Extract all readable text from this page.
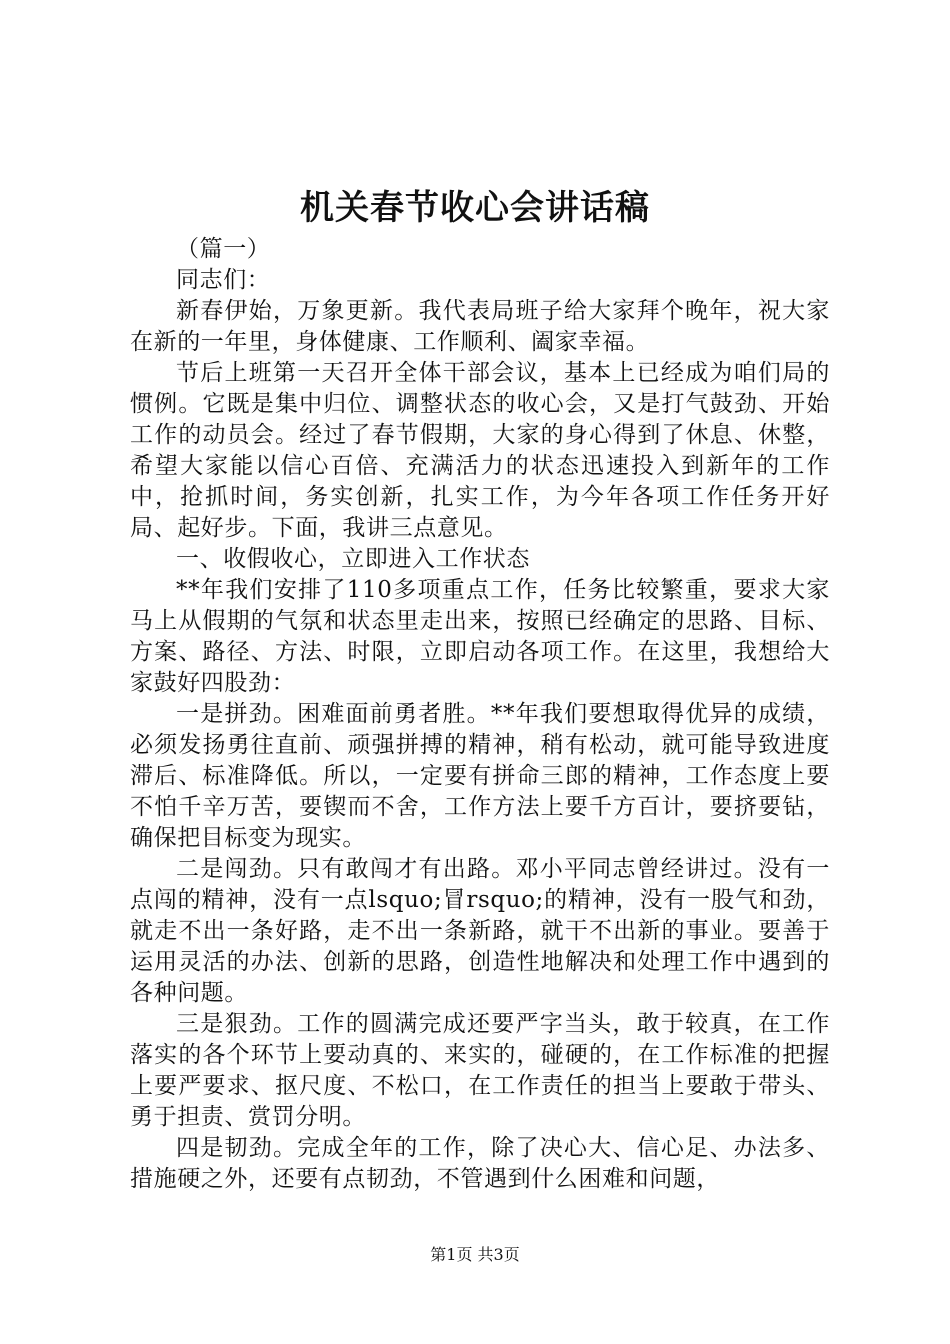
机关春节收心会讲话稿

（篇一）

同志们：

新春伊始，万象更新。我代表局班子给大家拜个晚年，祝大家在新的一年里，身体健康、工作顺利、阖家幸福。

节后上班第一天召开全体干部会议，基本上已经成为咱们局的惯例。它既是集中归位、调整状态的收心会，又是打气鼓劲、开始工作的动员会。经过了春节假期，大家的身心得到了休息、休整，希望大家能以信心百倍、充满活力的状态迅速投入到新年的工作中，抢抓时间，务实创新，扎实工作，为今年各项工作任务开好局、起好步。下面，我讲三点意见。

一、收假收心，立即进入工作状态

**年我们安排了110多项重点工作，任务比较繁重，要求大家马上从假期的气氛和状态里走出来，按照已经确定的思路、目标、方案、路径、方法、时限，立即启动各项工作。在这里，我想给大家鼓好四股劲：

一是拼劲。困难面前勇者胜。**年我们要想取得优异的成绩，必须发扬勇往直前、顽强拼搏的精神，稍有松动，就可能导致进度滞后、标准降低。所以，一定要有拼命三郎的精神，工作态度上要不怕千辛万苦，要锲而不舍，工作方法上要千方百计，要挤要钻，确保把目标变为现实。

二是闯劲。只有敢闯才有出路。邓小平同志曾经讲过。没有一点闯的精神，没有一点lsquo;冒rsquo;的精神，没有一股气和劲，就走不出一条好路，走不出一条新路，就干不出新的事业。要善于运用灵活的办法、创新的思路，创造性地解决和处理工作中遇到的各种问题。

三是狠劲。工作的圆满完成还要严字当头，敢于较真，在工作落实的各个环节上要动真的、来实的，碰硬的，在工作标准的把握上要严要求、抠尺度、不松口，在工作责任的担当上要敢于带头、勇于担责、赏罚分明。

四是韧劲。完成全年的工作，除了决心大、信心足、办法多、措施硬之外，还要有点韧劲，不管遇到什么困难和问题，

第1页 共3页
